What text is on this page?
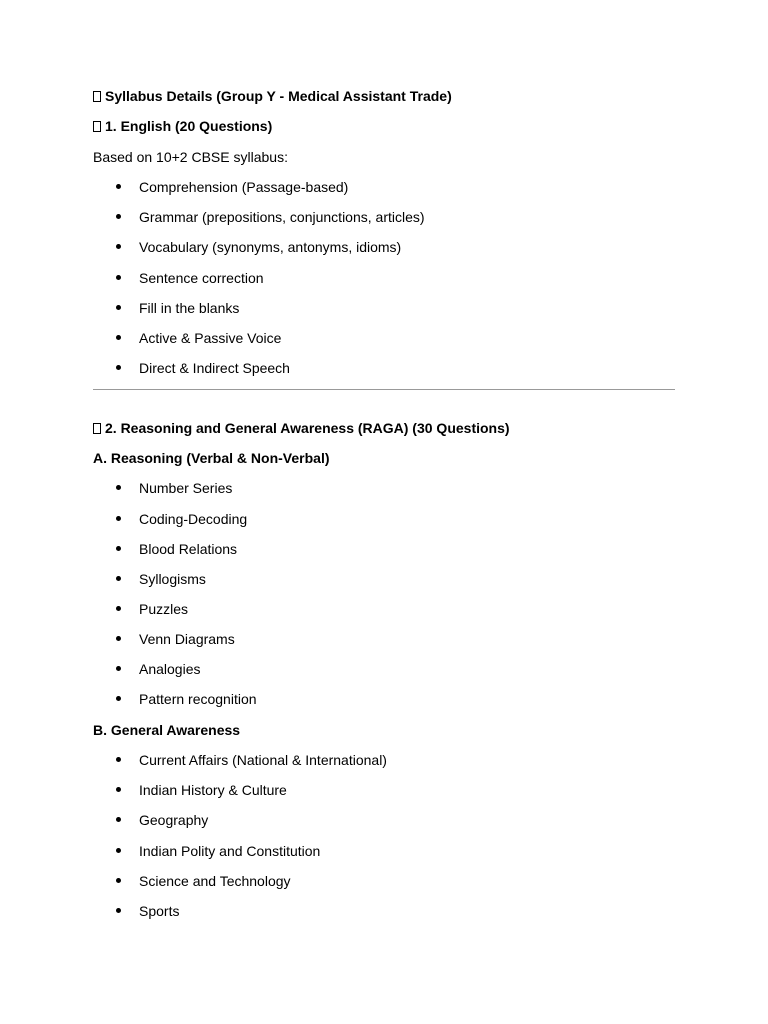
Syllabus Details (Group Y - Medical Assistant Trade)
1. English (20 Questions)
Based on 10+2 CBSE syllabus:
Comprehension (Passage-based)
Grammar (prepositions, conjunctions, articles)
Vocabulary (synonyms, antonyms, idioms)
Sentence correction
Fill in the blanks
Active & Passive Voice
Direct & Indirect Speech
2. Reasoning and General Awareness (RAGA) (30 Questions)
A. Reasoning (Verbal & Non-Verbal)
Number Series
Coding-Decoding
Blood Relations
Syllogisms
Puzzles
Venn Diagrams
Analogies
Pattern recognition
B. General Awareness
Current Affairs (National & International)
Indian History & Culture
Geography
Indian Polity and Constitution
Science and Technology
Sports
